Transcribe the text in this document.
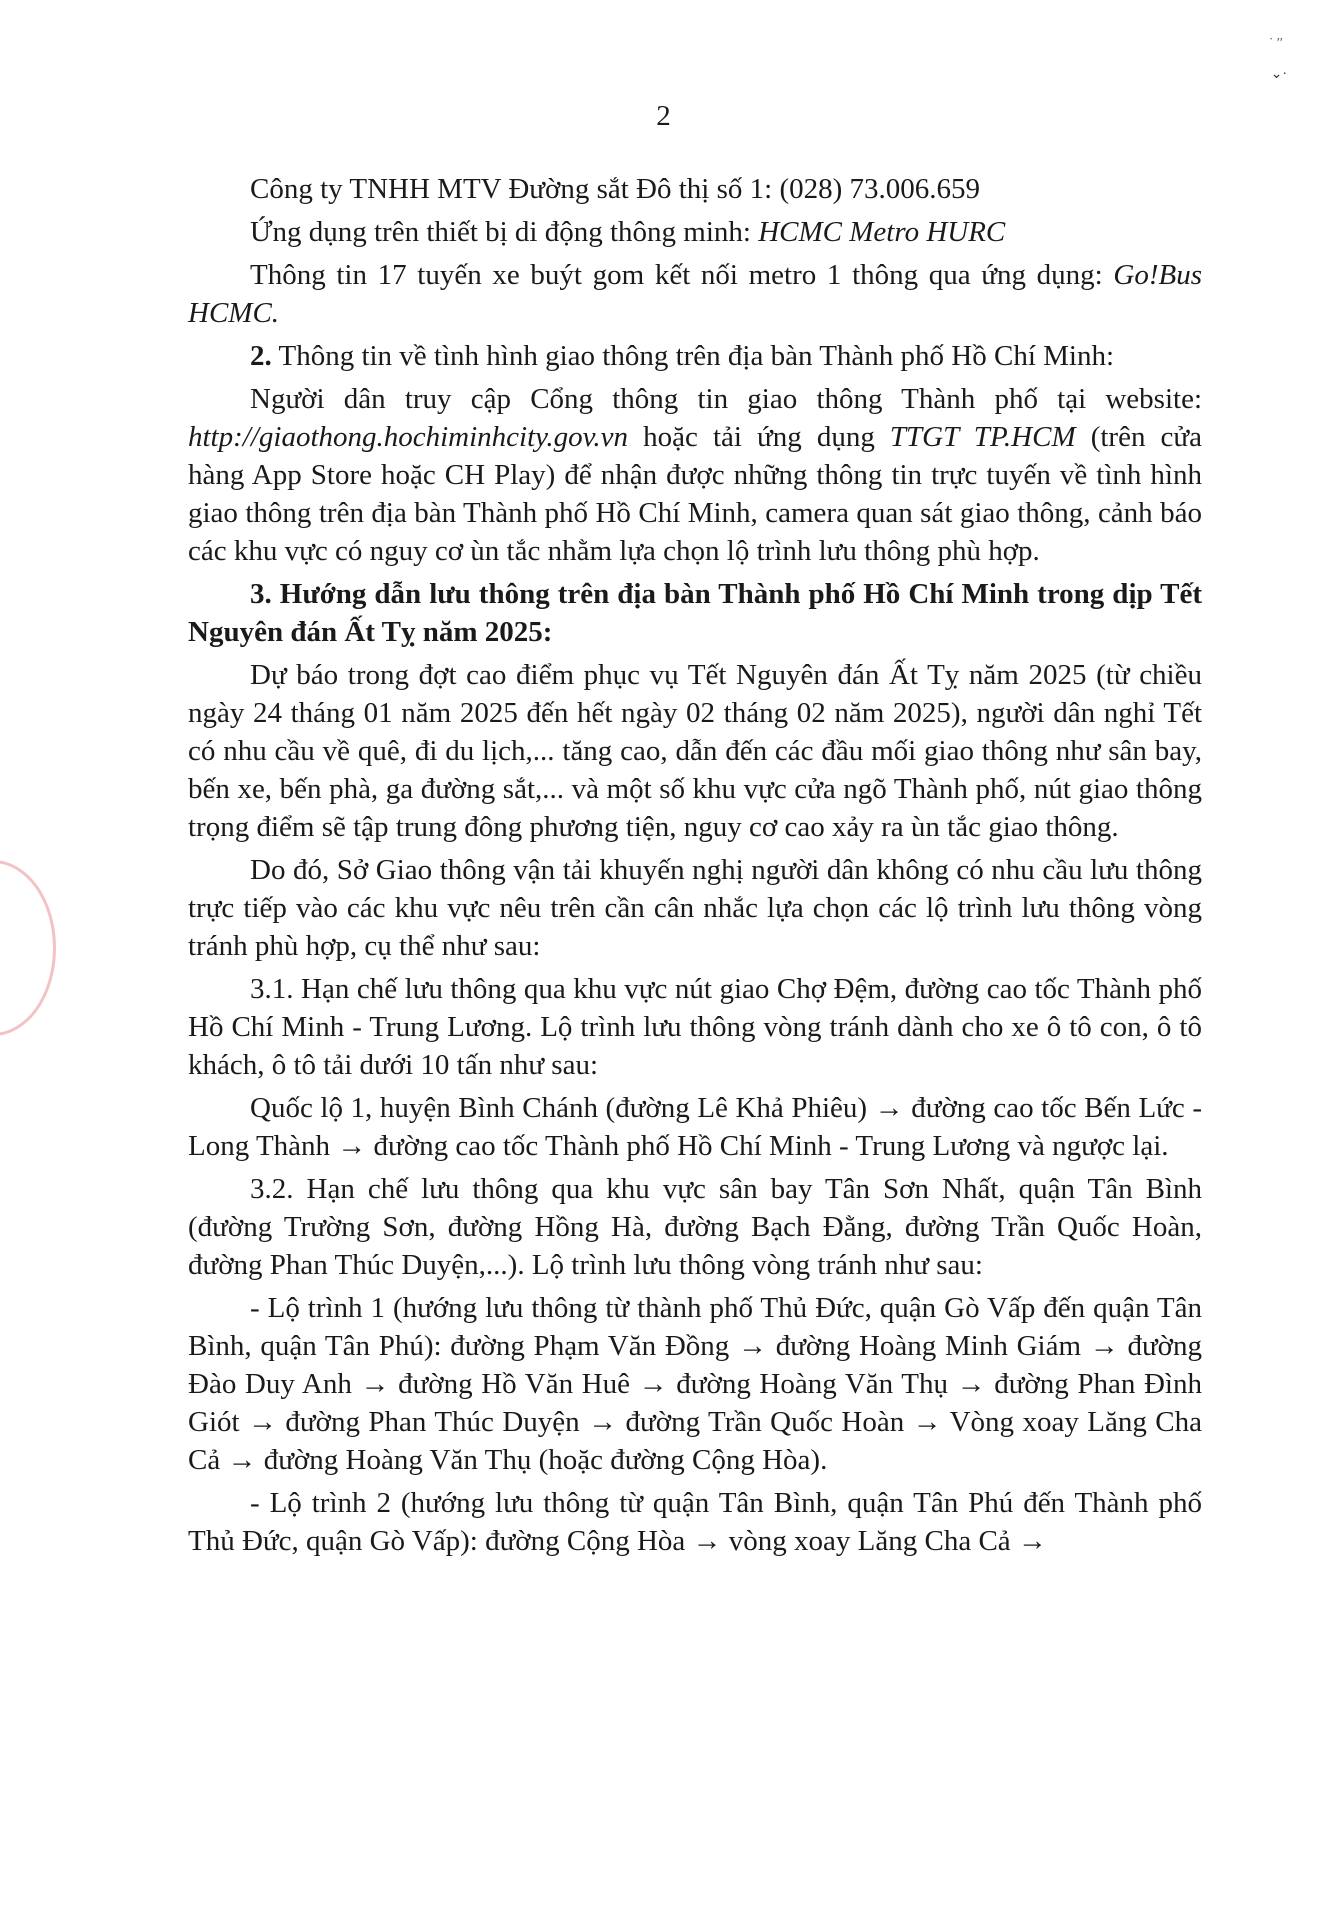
˙ ′′
⌄·
2

Công ty TNHH MTV Đường sắt Đô thị số 1: (028) 73.006.659

Ứng dụng trên thiết bị di động thông minh: HCMC Metro HURC

Thông tin 17 tuyến xe buýt gom kết nối metro 1 thông qua ứng dụng: Go!Bus HCMC.

2. Thông tin về tình hình giao thông trên địa bàn Thành phố Hồ Chí Minh:

Người dân truy cập Cổng thông tin giao thông Thành phố tại website: http://giaothong.hochiminhcity.gov.vn hoặc tải ứng dụng TTGT TP.HCM (trên cửa hàng App Store hoặc CH Play) để nhận được những thông tin trực tuyến về tình hình giao thông trên địa bàn Thành phố Hồ Chí Minh, camera quan sát giao thông, cảnh báo các khu vực có nguy cơ ùn tắc nhằm lựa chọn lộ trình lưu thông phù hợp.

3. Hướng dẫn lưu thông trên địa bàn Thành phố Hồ Chí Minh trong dịp Tết Nguyên đán Ất Tỵ năm 2025:

Dự báo trong đợt cao điểm phục vụ Tết Nguyên đán Ất Tỵ năm 2025 (từ chiều ngày 24 tháng 01 năm 2025 đến hết ngày 02 tháng 02 năm 2025), người dân nghỉ Tết có nhu cầu về quê, đi du lịch,... tăng cao, dẫn đến các đầu mối giao thông như sân bay, bến xe, bến phà, ga đường sắt,... và một số khu vực cửa ngõ Thành phố, nút giao thông trọng điểm sẽ tập trung đông phương tiện, nguy cơ cao xảy ra ùn tắc giao thông.

Do đó, Sở Giao thông vận tải khuyến nghị người dân không có nhu cầu lưu thông trực tiếp vào các khu vực nêu trên cần cân nhắc lựa chọn các lộ trình lưu thông vòng tránh phù hợp, cụ thể như sau:

3.1. Hạn chế lưu thông qua khu vực nút giao Chợ Đệm, đường cao tốc Thành phố Hồ Chí Minh - Trung Lương. Lộ trình lưu thông vòng tránh dành cho xe ô tô con, ô tô khách, ô tô tải dưới 10 tấn như sau:

Quốc lộ 1, huyện Bình Chánh (đường Lê Khả Phiêu) → đường cao tốc Bến Lức - Long Thành → đường cao tốc Thành phố Hồ Chí Minh - Trung Lương và ngược lại.

3.2. Hạn chế lưu thông qua khu vực sân bay Tân Sơn Nhất, quận Tân Bình (đường Trường Sơn, đường Hồng Hà, đường Bạch Đằng, đường Trần Quốc Hoàn, đường Phan Thúc Duyện,...). Lộ trình lưu thông vòng tránh như sau:

- Lộ trình 1 (hướng lưu thông từ thành phố Thủ Đức, quận Gò Vấp đến quận Tân Bình, quận Tân Phú): đường Phạm Văn Đồng → đường Hoàng Minh Giám → đường Đào Duy Anh → đường Hồ Văn Huê → đường Hoàng Văn Thụ → đường Phan Đình Giót → đường Phan Thúc Duyện → đường Trần Quốc Hoàn → Vòng xoay Lăng Cha Cả → đường Hoàng Văn Thụ (hoặc đường Cộng Hòa).

- Lộ trình 2 (hướng lưu thông từ quận Tân Bình, quận Tân Phú đến Thành phố Thủ Đức, quận Gò Vấp): đường Cộng Hòa → vòng xoay Lăng Cha Cả →
